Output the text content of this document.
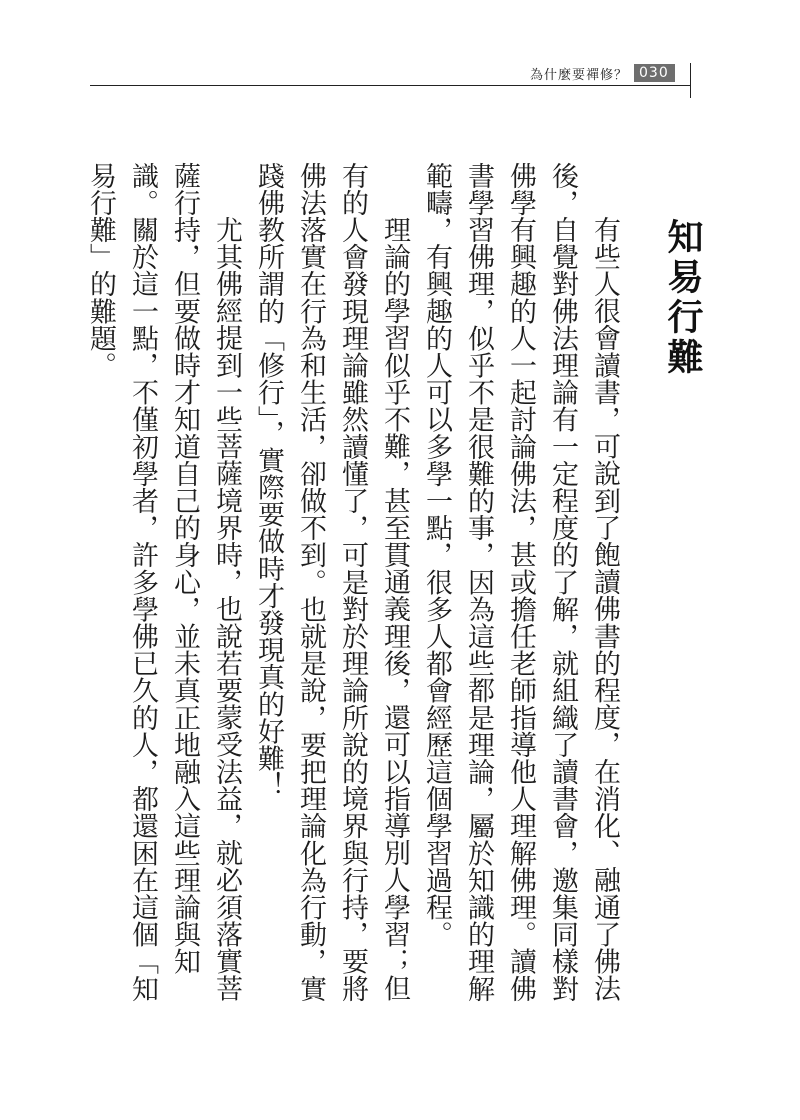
為什麼要禪修？ 030
知易行難

有些人很會讀書，可說到了飽讀佛書的程度，在消化、融通了佛法後，自覺對佛法理論有一定程度的了解，就組織了讀書會，邀集同樣對佛學有興趣的人一起討論佛法，甚或擔任老師指導他人理解佛理。讀佛書學習佛理，似乎不是很難的事，因為這些都是理論，屬於知識的理解範疇，有興趣的人可以多學一點，很多人都會經歷這個學習過程。

理論的學習似乎不難，甚至貫通義理後，還可以指導別人學習；但有的人會發現理論雖然讀懂了，可是對於理論所說的境界與行持，要將佛法落實在行為和生活，卻做不到。也就是說，要把理論化為行動，實踐佛教所謂的「修行」，實際要做時才發現真的好難！

尤其佛經提到一些菩薩境界時，也說若要蒙受法益，就必須落實菩薩行持，但要做時才知道自己的身心，並未真正地融入這些理論與知識。關於這一點，不僅初學者，許多學佛已久的人，都還困在這個「知易行難」的難題。
